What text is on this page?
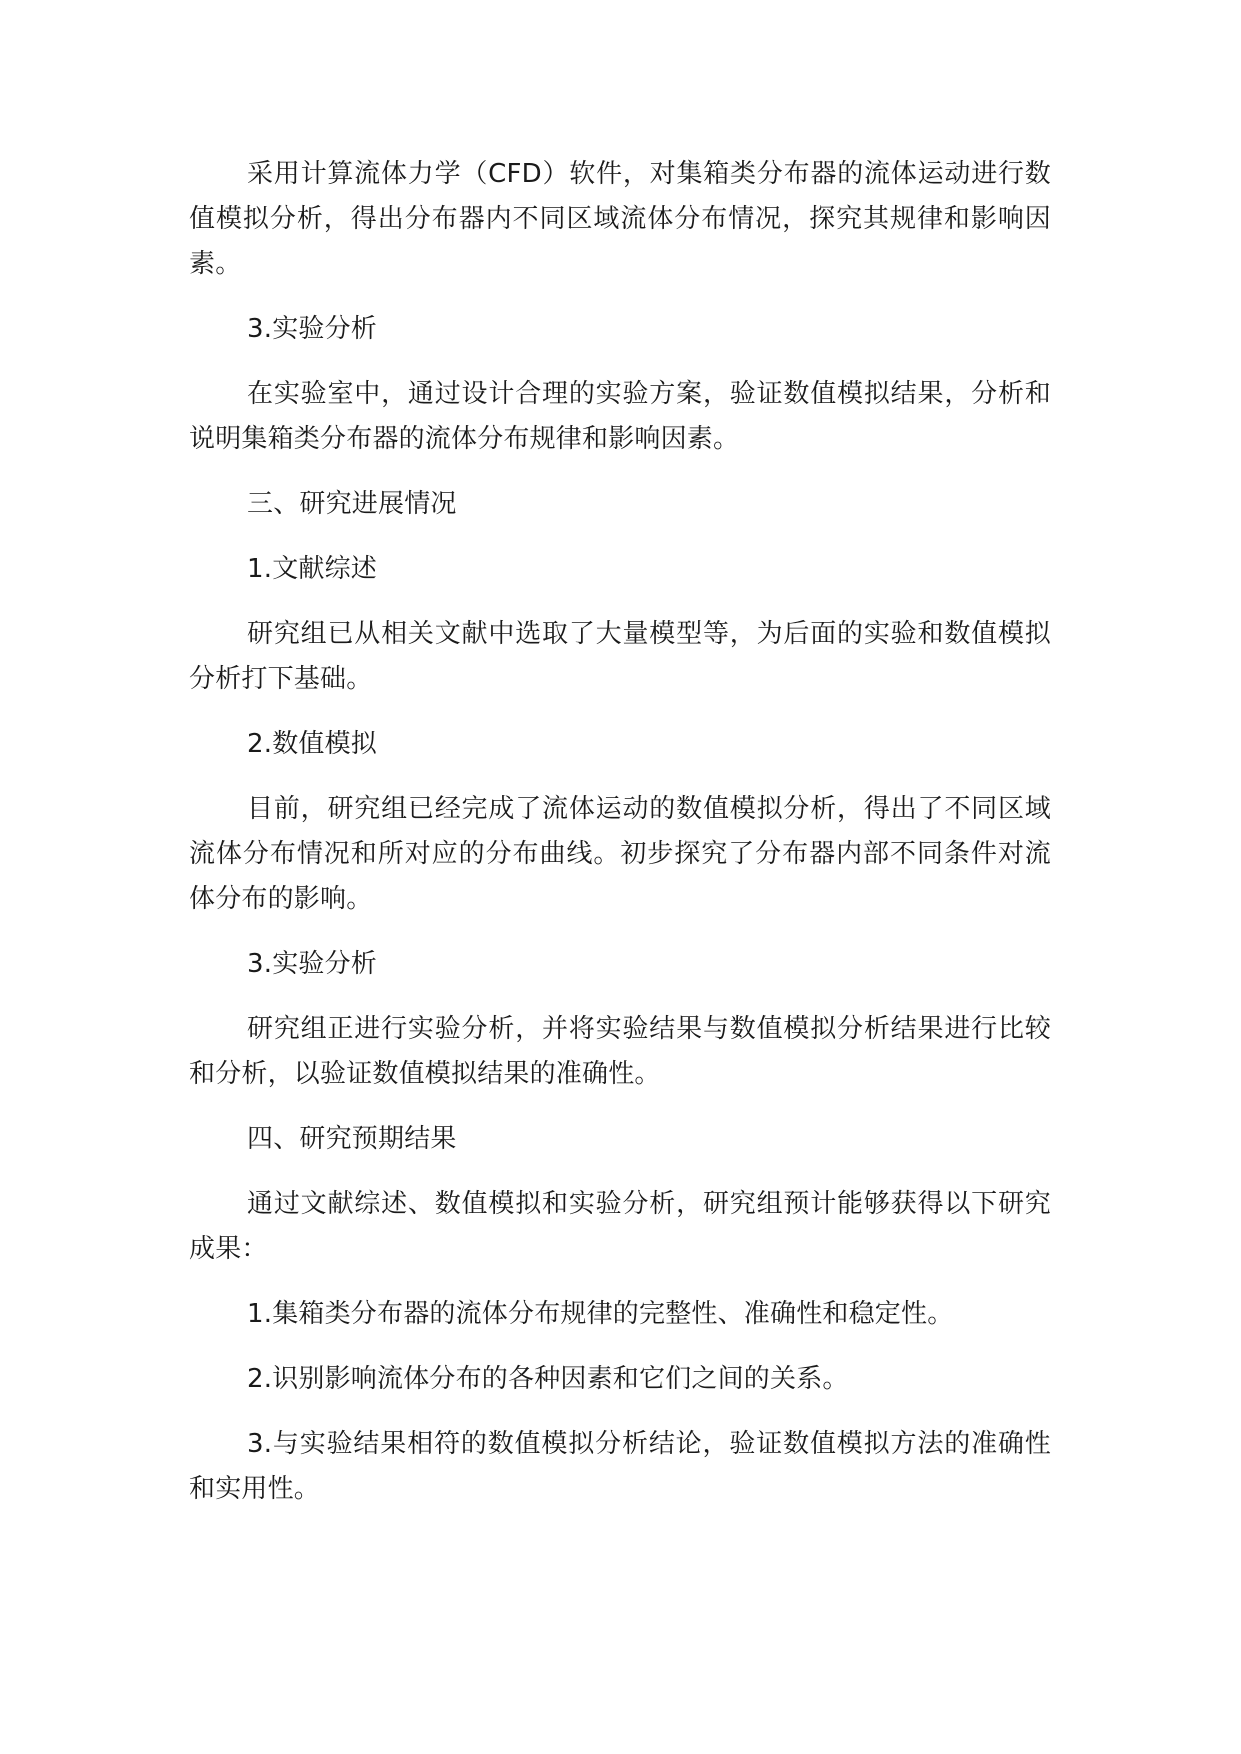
采用计算流体力学（CFD）软件，对集箱类分布器的流体运动进行数值模拟分析，得出分布器内不同区域流体分布情况，探究其规律和影响因素。

3.实验分析

在实验室中，通过设计合理的实验方案，验证数值模拟结果，分析和说明集箱类分布器的流体分布规律和影响因素。

三、研究进展情况

1.文献综述

研究组已从相关文献中选取了大量模型等，为后面的实验和数值模拟分析打下基础。

2.数值模拟

目前，研究组已经完成了流体运动的数值模拟分析，得出了不同区域流体分布情况和所对应的分布曲线。初步探究了分布器内部不同条件对流体分布的影响。

3.实验分析

研究组正进行实验分析，并将实验结果与数值模拟分析结果进行比较和分析，以验证数值模拟结果的准确性。

四、研究预期结果

通过文献综述、数值模拟和实验分析，研究组预计能够获得以下研究成果：

1.集箱类分布器的流体分布规律的完整性、准确性和稳定性。

2.识别影响流体分布的各种因素和它们之间的关系。

3.与实验结果相符的数值模拟分析结论，验证数值模拟方法的准确性和实用性。
